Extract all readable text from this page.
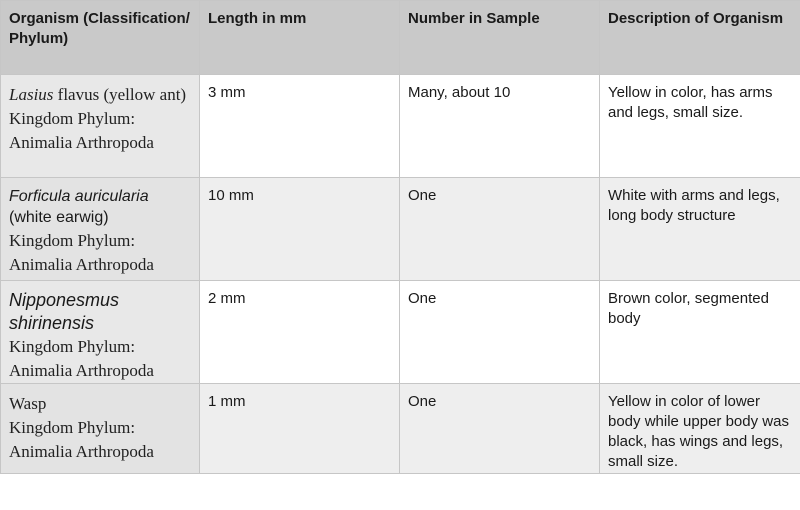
Organism (Classification/ Phylum)	Length in mm	Number in Sample	Description of Organism

Lasius flavus (yellow ant)
Kingdom Phylum:
Animalia Arthropoda	3 mm	Many, about 10	Yellow in color, has arms and legs, small size.

Forficula auricularia
(white earwig)
Kingdom Phylum:
Animalia Arthropoda	10 mm	One	White with arms and legs, long body structure

Nipponesmus shirinensis
Kingdom Phylum:
Animalia Arthropoda	2 mm	One	Brown color, segmented body

Wasp
Kingdom Phylum:
Animalia Arthropoda	1 mm	One	Yellow in color of lower body while upper body was black, has wings and legs, small size.
